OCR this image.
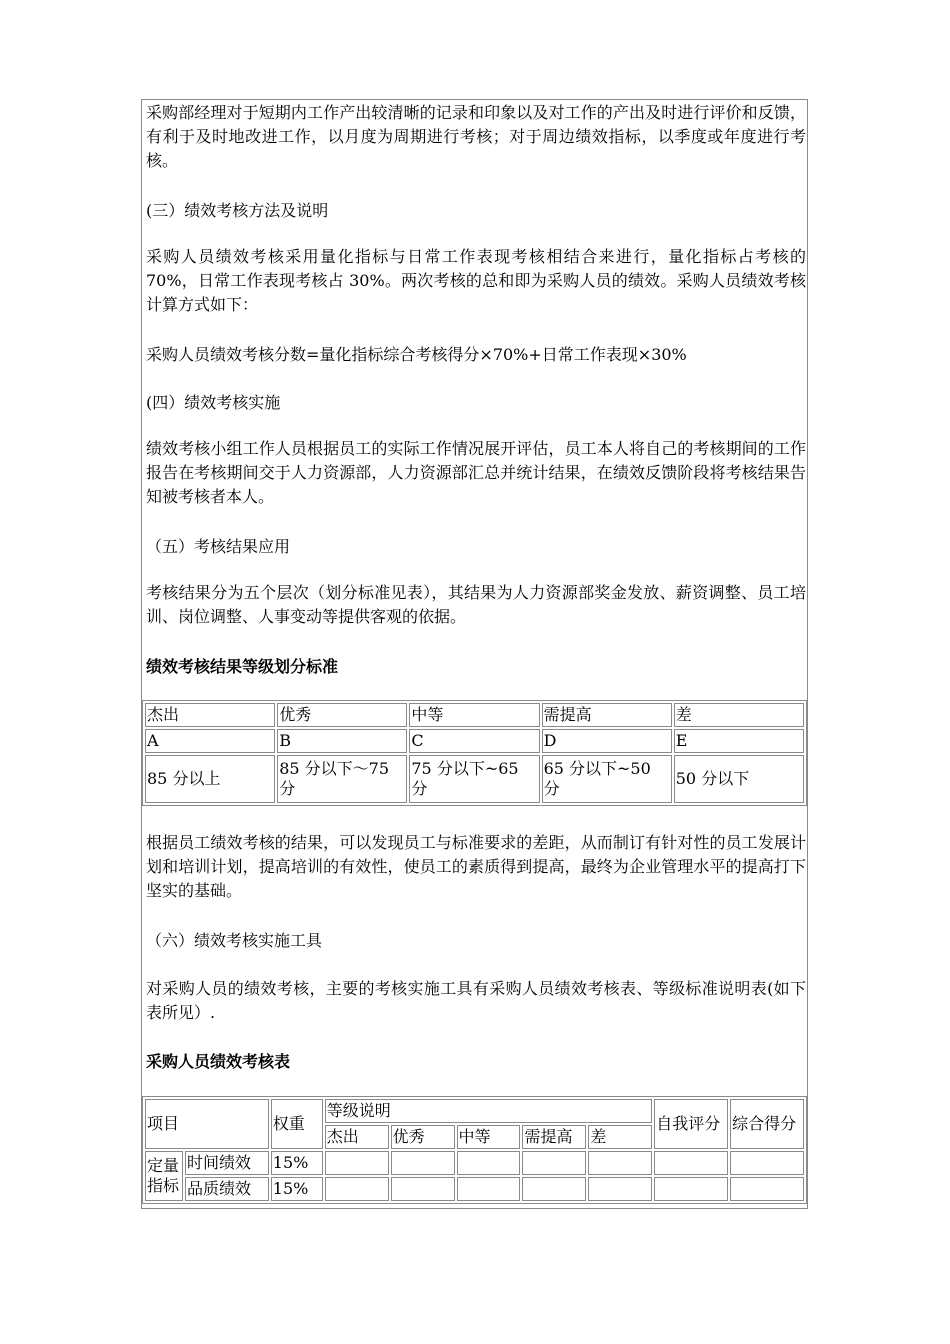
采购部经理对于短期内工作产出较清晰的记录和印象以及对工作的产出及时进行评价和反馈，有利于及时地改进工作，以月度为周期进行考核；对于周边绩效指标，以季度或年度进行考核。

(三）绩效考核方法及说明

采购人员绩效考核采用量化指标与日常工作表现考核相结合来进行，量化指标占考核的 70%，日常工作表现考核占 30%。两次考核的总和即为采购人员的绩效。采购人员绩效考核计算方式如下：

采购人员绩效考核分数=量化指标综合考核得分×70%+日常工作表现×30%

(四）绩效考核实施

绩效考核小组工作人员根据员工的实际工作情况展开评估，员工本人将自己的考核期间的工作报告在考核期间交于人力资源部，人力资源部汇总并统计结果，在绩效反馈阶段将考核结果告知被考核者本人。

（五）考核结果应用

考核结果分为五个层次（划分标准见表），其结果为人力资源部奖金发放、薪资调整、员工培训、岗位调整、人事变动等提供客观的依据。

绩效考核结果等级划分标准

杰出	优秀	中等	需提高	差
A	B	C	D	E
85 分以上	85 分以下～75 分	75 分以下~65 分	65 分以下~50 分	50 分以下

根据员工绩效考核的结果，可以发现员工与标准要求的差距，从而制订有针对性的员工发展计划和培训计划，提高培训的有效性，使员工的素质得到提高，最终为企业管理水平的提高打下坚实的基础。

（六）绩效考核实施工具

对采购人员的绩效考核，主要的考核实施工具有采购人员绩效考核表、等级标准说明表(如下表所见）.

采购人员绩效考核表

项目		权重	等级说明					自我评分	综合得分
			杰出	优秀	中等	需提高	差		
定量指标	时间绩效	15%							
	品质绩效	15%							
